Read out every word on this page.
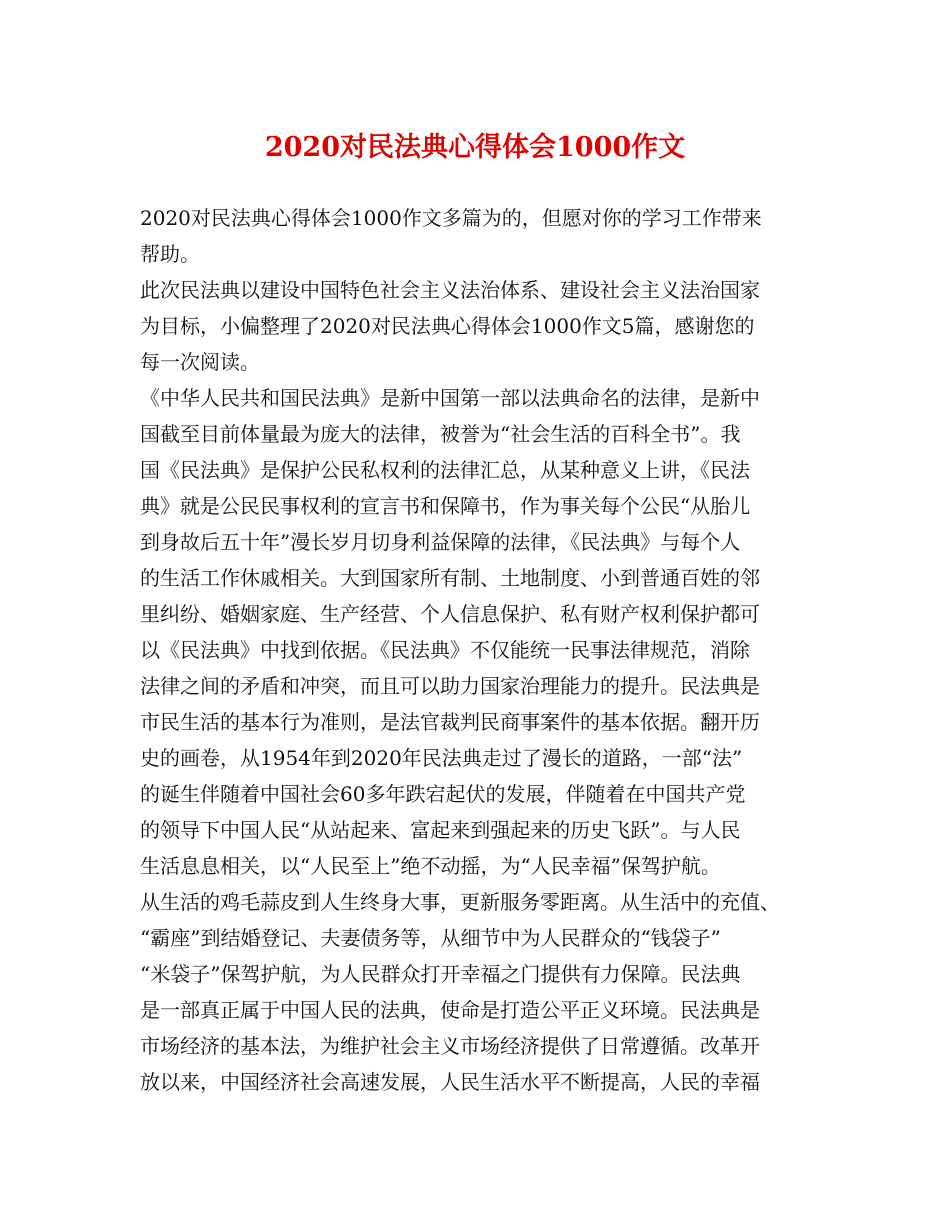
2020对民法典心得体会1000作文
2020对民法典心得体会1000作文多篇为的，但愿对你的学习工作带来
帮助。
此次民法典以建设中国特色社会主义法治体系、建设社会主义法治国家
为目标，小偏整理了2020对民法典心得体会1000作文5篇，感谢您的
每一次阅读。
《中华人民共和国民法典》是新中国第一部以法典命名的法律，是新中
国截至目前体量最为庞大的法律，被誉为“社会生活的百科全书”。我
国《民法典》是保护公民私权利的法律汇总，从某种意义上讲，《民法
典》就是公民民事权利的宣言书和保障书，作为事关每个公民“从胎儿
到身故后五十年”漫长岁月切身利益保障的法律，《民法典》与每个人
的生活工作休戚相关。大到国家所有制、土地制度、小到普通百姓的邻
里纠纷、婚姻家庭、生产经营、个人信息保护、私有财产权利保护都可
以《民法典》中找到依据。《民法典》不仅能统一民事法律规范，消除
法律之间的矛盾和冲突，而且可以助力国家治理能力的提升。民法典是
市民生活的基本行为准则，是法官裁判民商事案件的基本依据。翻开历
史的画卷，从1954年到2020年民法典走过了漫长的道路，一部“法”
的诞生伴随着中国社会60多年跌宕起伏的发展，伴随着在中国共产党
的领导下中国人民“从站起来、富起来到强起来的历史飞跃”。与人民
生活息息相关，以“人民至上”绝不动摇，为“人民幸福”保驾护航。
从生活的鸡毛蒜皮到人生终身大事，更新服务零距离。从生活中的充值、
“霸座”到结婚登记、夫妻债务等，从细节中为人民群众的“钱袋子”
“米袋子”保驾护航，为人民群众打开幸福之门提供有力保障。民法典
是一部真正属于中国人民的法典，使命是打造公平正义环境。民法典是
市场经济的基本法，为维护社会主义市场经济提供了日常遵循。改革开
放以来，中国经济社会高速发展，人民生活水平不断提高，人民的幸福
